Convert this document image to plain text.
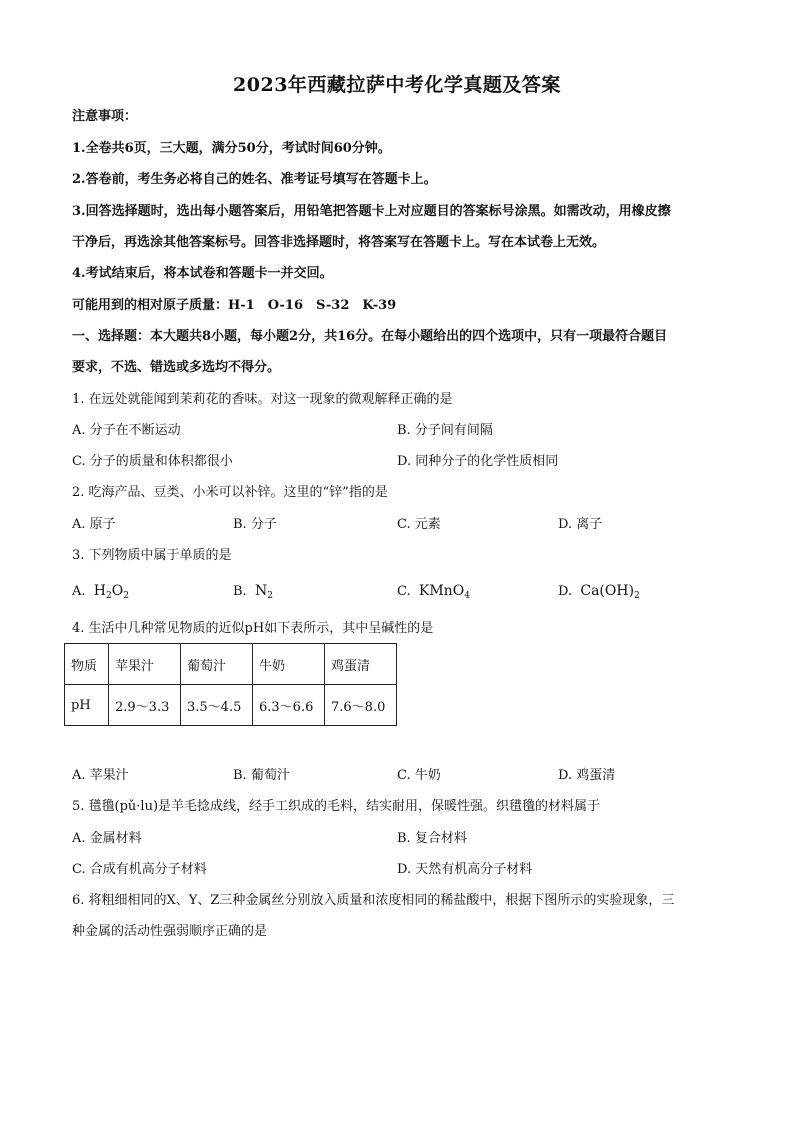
2023年西藏拉萨中考化学真题及答案
注意事项：
1.全卷共6页，三大题，满分50分，考试时间60分钟。
2.答卷前，考生务必将自己的姓名、准考证号填写在答题卡上。
3.回答选择题时，选出每小题答案后，用铅笔把答题卡上对应题目的答案标号涂黑。如需改动，用橡皮擦
干净后，再选涂其他答案标号。回答非选择题时，将答案写在答题卡上。写在本试卷上无效。
4.考试结束后，将本试卷和答题卡一并交回。
可能用到的相对原子质量：H-1　O-16　S-32　K-39
一、选择题：本大题共8小题，每小题2分，共16分。在每小题给出的四个选项中，只有一项最符合题目
要求，不选、错选或多选均不得分。
1. 在远处就能闻到茉莉花的香味。对这一现象的微观解释正确的是
A. 分子在不断运动	B. 分子间有间隔
C. 分子的质量和体积都很小	D. 同种分子的化学性质相同
2. 吃海产品、豆类、小米可以补锌。这里的“锌”指的是
A. 原子	B. 分子	C. 元素	D. 离子
3. 下列物质中属于单质的是
A. $H_2O_2$	B. $N_2$	C. KMnO$_4$	D. $Ca(OH)_2$
4. 生活中几种常见物质的近似pH如下表所示，其中呈碱性的是
物质	苹果汁	葡萄汁	牛奶	鸡蛋清
pH	2.9～3.3	3.5～4.5	6.3～6.6	7.6～8.0
A. 苹果汁	B. 葡萄汁	C. 牛奶	D. 鸡蛋清
5. 氆氇(pǔ·lu)是羊毛捻成线，经手工织成的毛料，结实耐用，保暖性强。织氆氇的材料属于
A. 金属材料	B. 复合材料
C. 合成有机高分子材料	D. 天然有机高分子材料
6. 将粗细相同的X、Y、Z三种金属丝分别放入质量和浓度相同的稀盐酸中，根据下图所示的实验现象，三
种金属的活动性强弱顺序正确的是
